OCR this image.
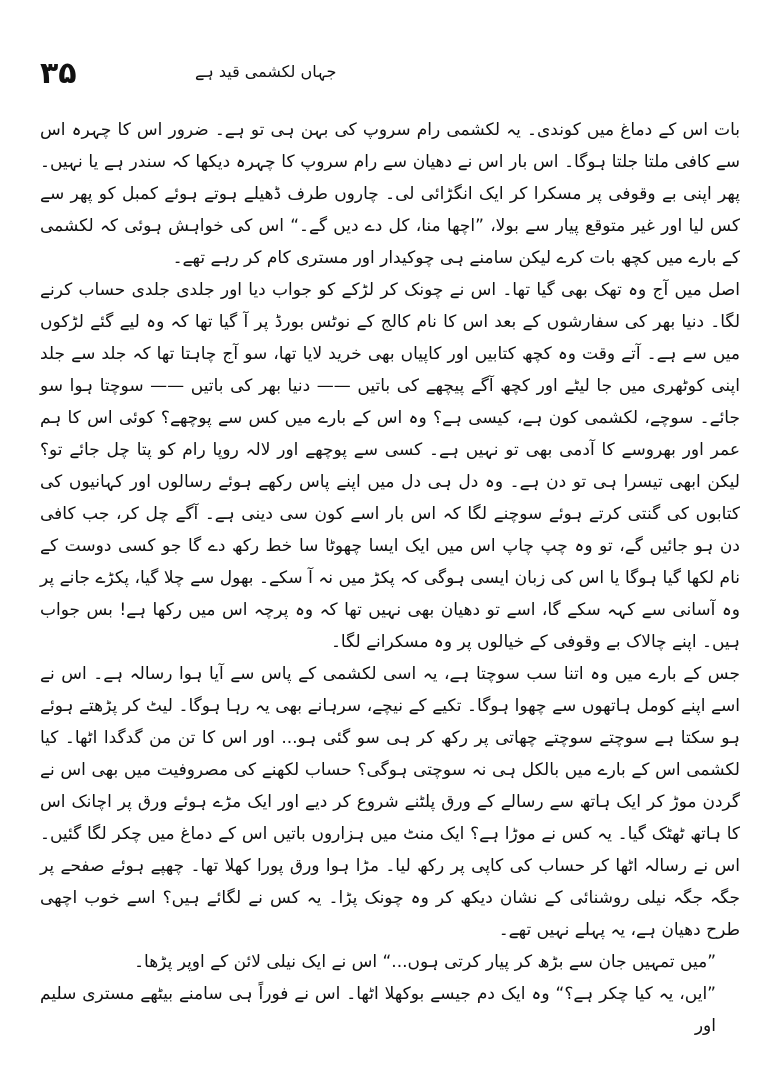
۵۳	جہاں لکشمی قید ہے

بات اس کے دماغ میں کوندی۔ یہ لکشمی رام سروپ کی بہن ہی تو ہے۔ ضرور اس کا چہرہ اس سے کافی ملتا جلتا ہوگا۔ اس بار اس نے دھیان سے رام سروپ کا چہرہ دیکھا کہ سندر ہے یا نہیں۔ پھر اپنی بے وقوفی پر مسکرا کر ایک انگڑائی لی۔ چاروں طرف ڈھیلے ہوتے ہوئے کمبل کو پھر سے کس لیا اور غیر متوقع پیار سے بولا، ”اچھا منا، کل دے دیں گے۔“ اس کی خواہش ہوئی کہ لکشمی کے بارے میں کچھ بات کرے لیکن سامنے ہی چوکیدار اور مستری کام کر رہے تھے۔

اصل میں آج وہ تھک بھی گیا تھا۔ اس نے چونک کر لڑکے کو جواب دیا اور جلدی جلدی حساب کرنے لگا۔ دنیا بھر کی سفارشوں کے بعد اس کا نام کالج کے نوٹس بورڈ پر آ گیا تھا کہ وہ لیے گئے لڑکوں میں سے ہے۔ آتے وقت وہ کچھ کتابیں اور کاپیاں بھی خرید لایا تھا، سو آج چاہتا تھا کہ جلد سے جلد اپنی کوٹھری میں جا لیٹے اور کچھ آگے پیچھے کی باتیں —— دنیا بھر کی باتیں —— سوچتا ہوا سو جائے۔ سوچے، لکشمی کون ہے، کیسی ہے؟ وہ اس کے بارے میں کس سے پوچھے؟ کوئی اس کا ہم عمر اور بھروسے کا آدمی بھی تو نہیں ہے۔ کسی سے پوچھے اور لالہ روپا رام کو پتا چل جائے تو؟ لیکن ابھی تیسرا ہی تو دن ہے۔ وہ دل ہی دل میں اپنے پاس رکھے ہوئے رسالوں اور کہانیوں کی کتابوں کی گنتی کرتے ہوئے سوچنے لگا کہ اس بار اسے کون سی دینی ہے۔ آگے چل کر، جب کافی دن ہو جائیں گے، تو وہ چپ چاپ اس میں ایک ایسا چھوٹا سا خط رکھ دے گا جو کسی دوست کے نام لکھا گیا ہوگا یا اس کی زبان ایسی ہوگی کہ پکڑ میں نہ آ سکے۔ بھول سے چلا گیا، پکڑے جانے پر وہ آسانی سے کہہ سکے گا، اسے تو دھیان بھی نہیں تھا کہ وہ پرچہ اس میں رکھا ہے! بس جواب ہیں۔ اپنے چالاک بے وقوفی کے خیالوں پر وہ مسکرانے لگا۔

جس کے بارے میں وہ اتنا سب سوچتا ہے، یہ اسی لکشمی کے پاس سے آیا ہوا رسالہ ہے۔ اس نے اسے اپنے کومل ہاتھوں سے چھوا ہوگا۔ تکیے کے نیچے، سرہانے بھی یہ رہا ہوگا۔ لیٹ کر پڑھتے ہوئے ہو سکتا ہے سوچتے سوچتے چھاتی پر رکھ کر ہی سو گئی ہو... اور اس کا تن من گدگدا اٹھا۔ کیا لکشمی اس کے بارے میں بالکل ہی نہ سوچتی ہوگی؟ حساب لکھنے کی مصروفیت میں بھی اس نے گردن موڑ کر ایک ہاتھ سے رسالے کے ورق پلٹنے شروع کر دیے اور ایک مڑے ہوئے ورق پر اچانک اس کا ہاتھ ٹھٹک گیا۔ یہ کس نے موڑا ہے؟ ایک منٹ میں ہزاروں باتیں اس کے دماغ میں چکر لگا گئیں۔ اس نے رسالہ اٹھا کر حساب کی کاپی پر رکھ لیا۔ مڑا ہوا ورق پورا کھلا تھا۔ چھپے ہوئے صفحے پر جگہ جگہ نیلی روشنائی کے نشان دیکھ کر وہ چونک پڑا۔ یہ کس نے لگائے ہیں؟ اسے خوب اچھی طرح دھیان ہے، یہ پہلے نہیں تھے۔

”میں تمہیں جان سے بڑھ کر پیار کرتی ہوں...“ اس نے ایک نیلی لائن کے اوپر پڑھا۔

”ایں، یہ کیا چکر ہے؟“ وہ ایک دم جیسے بوکھلا اٹھا۔ اس نے فوراً ہی سامنے بیٹھے مستری سلیم اور
